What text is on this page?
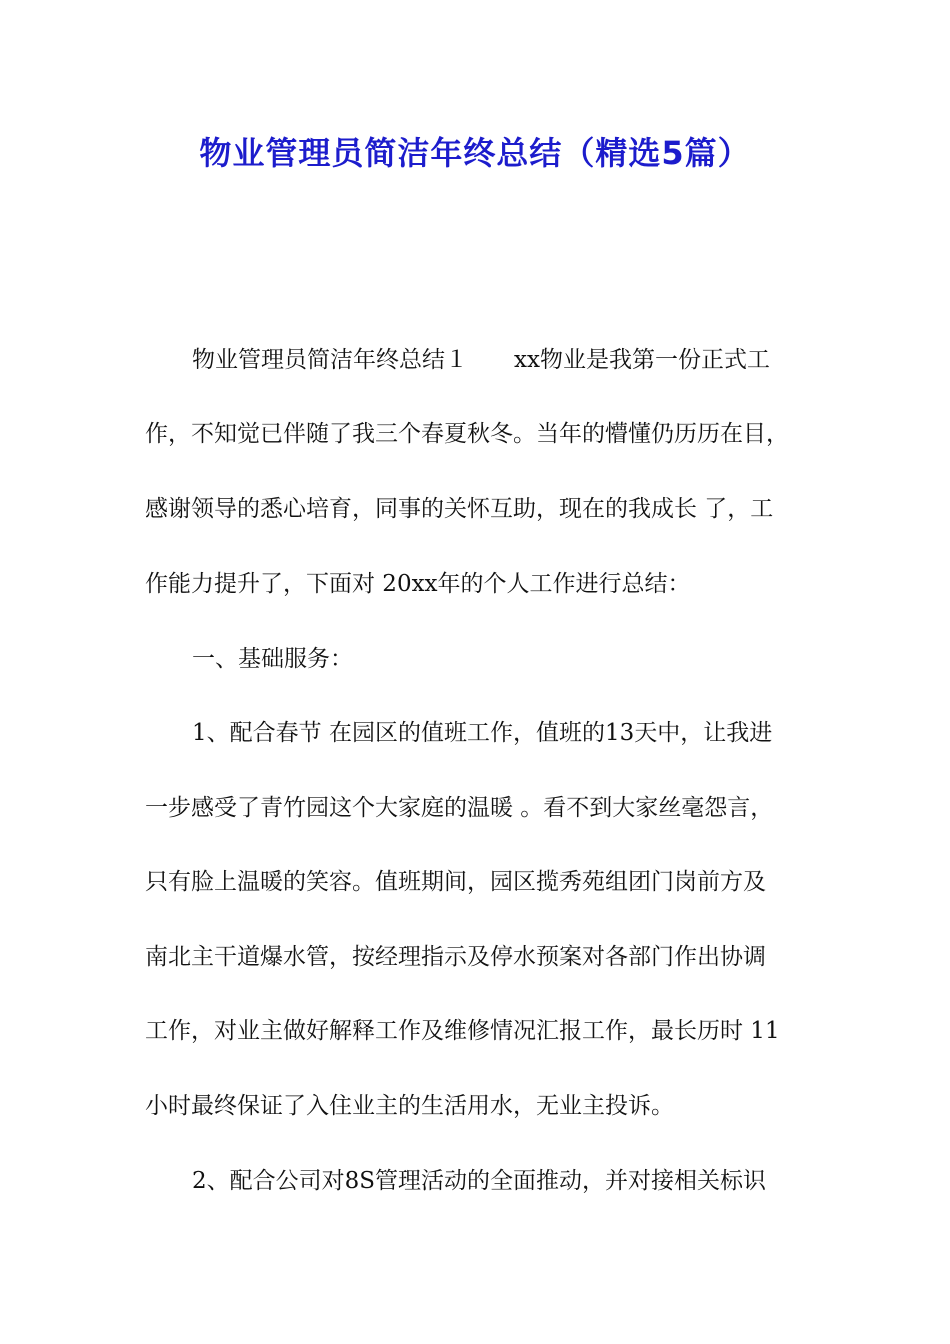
物业管理员简洁年终总结（精选5篇）
物业管理员简洁年终总结１　　xx物业是我第一份正式工
作，不知觉已伴随了我三个春夏秋冬。当年的懵懂仍历历在目，
感谢领导的悉心培育，同事的关怀互助，现在的我成长 了，工
作能力提升了，下面对 20xx年的个人工作进行总结：
一、基础服务：
1、配合春节 在园区的值班工作，值班的13天中，让我进
一步感受了青竹园这个大家庭的温暖 。看不到大家丝毫怨言，
只有脸上温暖的笑容。值班期间，园区揽秀苑组团门岗前方及
南北主干道爆水管，按经理指示及停水预案对各部门作出协调
工作，对业主做好解释工作及维修情况汇报工作，最长历时 11
小时最终保证了入住业主的生活用水，无业主投诉。
2、配合公司对8S管理活动的全面推动，并对接相关标识
